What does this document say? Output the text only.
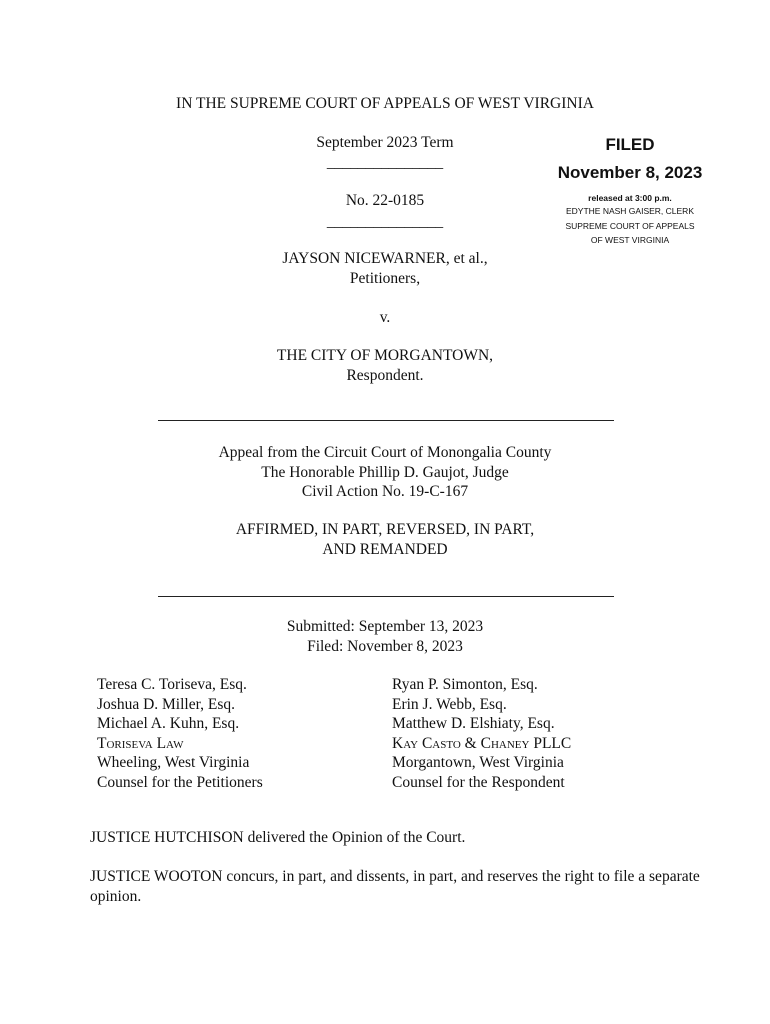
IN THE SUPREME COURT OF APPEALS OF WEST VIRGINIA
September 2023 Term
_______________
No. 22-0185
_______________
FILED
November 8, 2023
released at 3:00 p.m.
EDYTHE NASH GAISER, CLERK
SUPREME COURT OF APPEALS
OF WEST VIRGINIA
JAYSON NICEWARNER, et al.,
Petitioners,
v.
THE CITY OF MORGANTOWN,
Respondent.
Appeal from the Circuit Court of Monongalia County
The Honorable Phillip D. Gaujot, Judge
Civil Action No. 19-C-167
AFFIRMED, IN PART, REVERSED, IN PART,
AND REMANDED
Submitted: September 13, 2023
Filed: November 8, 2023
Teresa C. Toriseva, Esq.
Joshua D. Miller, Esq.
Michael A. Kuhn, Esq.
Toriseva Law
Wheeling, West Virginia
Counsel for the Petitioners
Ryan P. Simonton, Esq.
Erin J. Webb, Esq.
Matthew D. Elshiaty, Esq.
Kay Casto & Chaney PLLC
Morgantown, West Virginia
Counsel for the Respondent
JUSTICE HUTCHISON delivered the Opinion of the Court.
JUSTICE WOOTON concurs, in part, and dissents, in part, and reserves the right to file a separate opinion.
